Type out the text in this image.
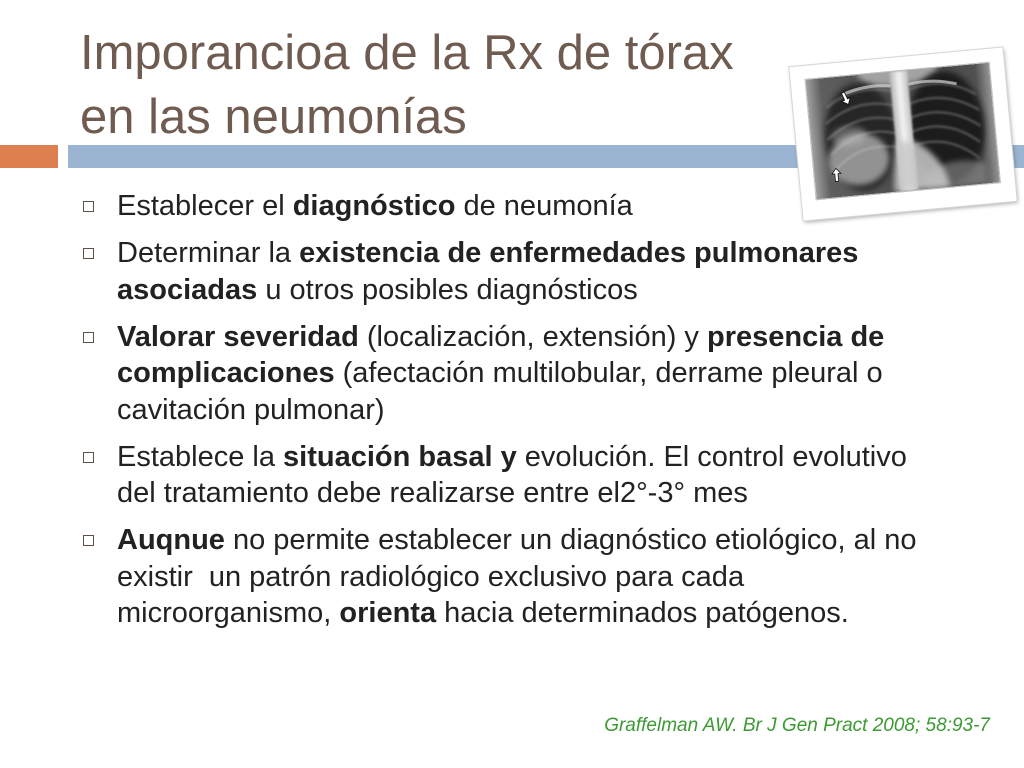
Imporancioa de la Rx de tórax
en las neumonías
Establecer el diagnóstico de neumonía
Determinar la existencia de enfermedades pulmonares
asociadas u otros posibles diagnósticos
Valorar severidad (localización, extensión) y presencia de
complicaciones (afectación multilobular, derrame pleural o
cavitación pulmonar)
Establece la situación basal y evolución. El control evolutivo
del tratamiento debe realizarse entre el2°-3° mes
Auqnue no permite establecer un diagnóstico etiológico, al no
existir  un patrón radiológico exclusivo para cada
microorganismo, orienta hacia determinados patógenos.
Graffelman AW. Br J Gen Pract 2008; 58:93-7
